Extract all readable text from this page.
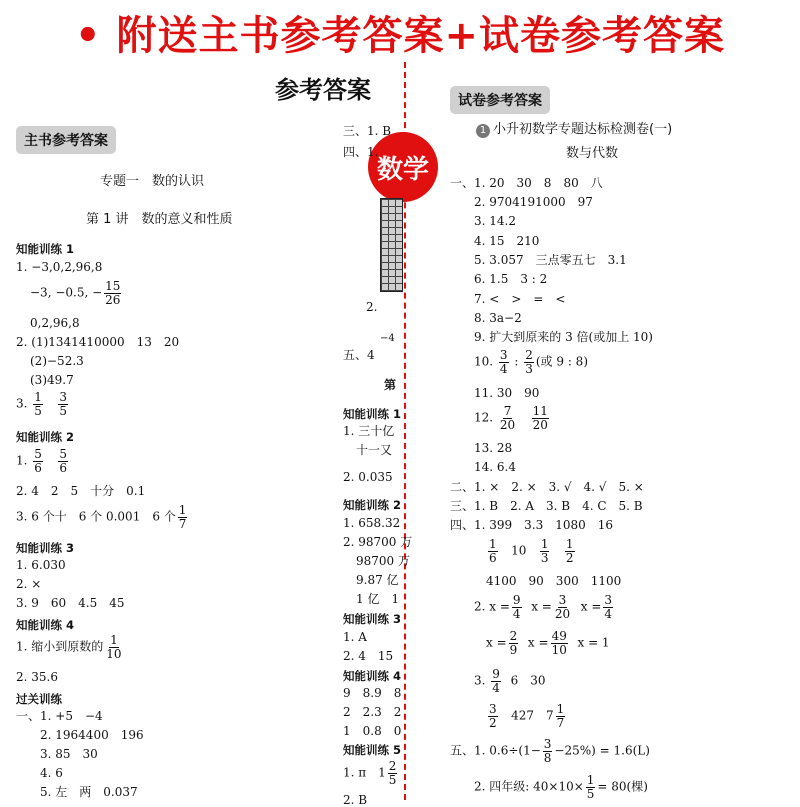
• 附送主书参考答案+试卷参考答案
参考答案
数学
主书参考答案
专题一　数的认识
第 1 讲　数的意义和性质
知能训练 1
1. −3,0,2,96,8
−3, −0.5, − $\frac{15}{26}$
0,2,96,8
2. (1)1341410000　13　20
(2)−52.3
(3)49.7
3. $\frac{1}{5}$
$\frac{3}{5}$
知能训练 2
1. $\frac{5}{6}$
$\frac{5}{6}$
2. 4　2　5　十分　0.1
3. 6 个十　6 个 0.001　6 个 $\frac{1}{7}$
知能训练 3
1. 6.030
2. ×
3. 9　60　4.5　45
知能训练 4
1. 缩小到原数的 $\frac{1}{10}$
2. 35.6
过关训练
一、1. +5　−4
2. 1964400　196
3. 85　30
4. 6
5. 左　两　0.037
三、1. B
四、1.
2.
−4
五、4
第
知能训练 1
1. 三十亿
十一又
2. 0.035
知能训练 2
1. 658.32
2. 98700 万
98700 万
9.87 亿
1 亿　1
知能训练 3
1. A
2. 4　15
知能训练 4
9　8.9　8
2　2.3　2
1　0.8　0
知能训练 5
1. π　$1 \frac{2}{5}$
2. B
试卷参考答案
1 小升初数学专题达标检测卷(一)
数与代数
一、1. 20　30　8　80　八
2. 9704191000　97
3. 14.2
4. 15　210
5. 3.057　三点零五七　3.1
6. 1.5　3 : 2
7. <　>　=　<
8. 3a−2
9. 扩大到原来的 3 倍(或加上 10)
10. $\frac{3}{4}$ : $\frac{2}{3}$ (或 9 : 8)
11. 30　90
12. $\frac{7}{20}$
$\frac{11}{20}$
13. 28
14. 6.4
二、1. ×　2. ×　3. √　4. √　5. ×
三、1. B　2. A　3. B　4. C　5. B
四、1. 399　3.3　1080　16
$\frac{1}{6} 10 \frac{1}{3}$
$\frac{1}{2}$
4100　90　300　1100
2. $x = \frac{9}{4}$ $x = \frac{3}{20}$ $x = \frac{3}{4}$
$x = \frac{2}{9}$ $x = \frac{49}{10}$ x = 1
3. $\frac{9}{4} 6$　30
$\frac{3}{2} 427$　$7 \frac{1}{7}$
五、1. $0.6\div(1- \frac{3}{8} -25\%) = 1.6(L)$
2. 四年级: $40\times 10\times \frac{1}{5} = 80$(棵)
